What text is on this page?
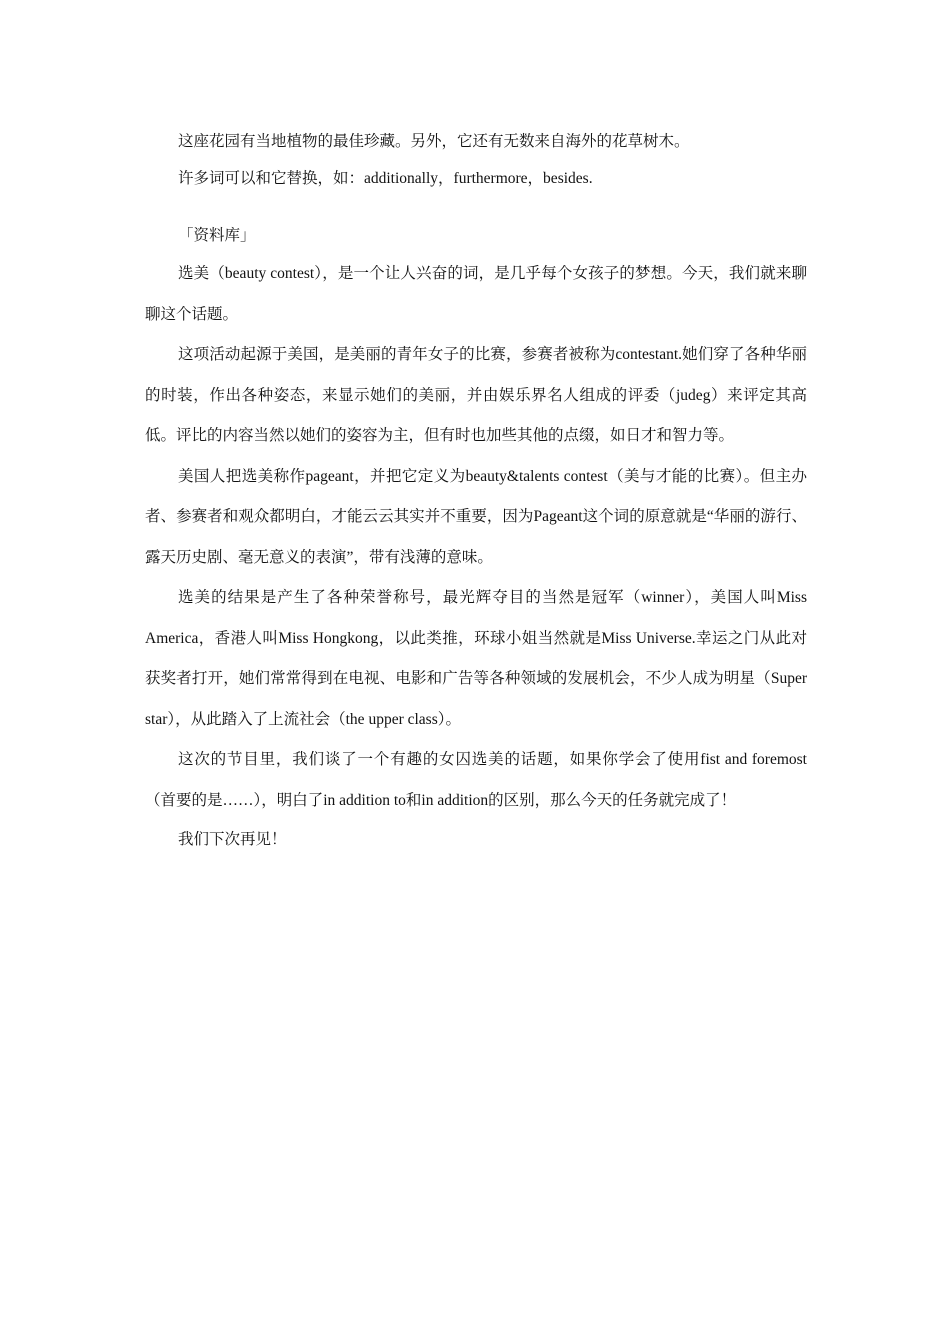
这座花园有当地植物的最佳珍藏。另外，它还有无数来自海外的花草树木。

许多词可以和它替换，如：additionally，furthermore，besides.

「资料库」

选美（beauty contest），是一个让人兴奋的词，是几乎每个女孩子的梦想。今天，我们就来聊聊这个话题。

这项活动起源于美国，是美丽的青年女子的比赛，参赛者被称为contestant.她们穿了各种华丽的时装，作出各种姿态，来显示她们的美丽，并由娱乐界名人组成的评委（judeg）来评定其高低。评比的内容当然以她们的姿容为主，但有时也加些其他的点缀，如日才和智力等。

美国人把选美称作pageant，并把它定义为beauty&talents contest（美与才能的比赛）。但主办者、参赛者和观众都明白，才能云云其实并不重要，因为Pageant这个词的原意就是“华丽的游行、露天历史剧、毫无意义的表演”，带有浅薄的意味。

选美的结果是产生了各种荣誉称号，最光辉夺目的当然是冠军（winner），美国人叫Miss America，香港人叫Miss Hongkong，以此类推，环球小姐当然就是Miss Universe.幸运之门从此对获奖者打开，她们常常得到在电视、电影和广告等各种领域的发展机会，不少人成为明星（Super star），从此踏入了上流社会（the upper class）。

这次的节目里，我们谈了一个有趣的女囚选美的话题，如果你学会了使用fist and foremost（首要的是……），明白了in addition to和in addition的区别，那么今天的任务就完成了！

我们下次再见！
